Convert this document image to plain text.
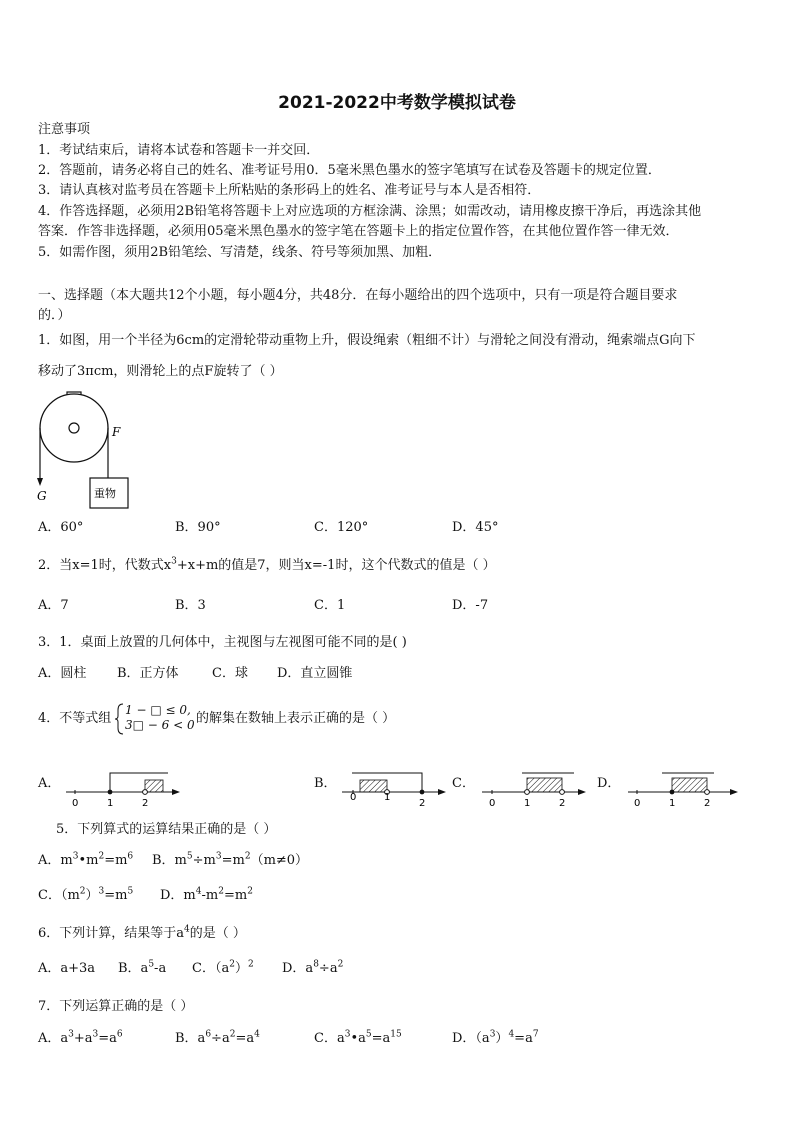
2021-2022中考数学模拟试卷
注意事项
1．考试结束后，请将本试卷和答题卡一并交回．
2．答题前，请务必将自己的姓名、准考证号用0．5毫米黑色墨水的签字笔填写在试卷及答题卡的规定位置．
3．请认真核对监考员在答题卡上所粘贴的条形码上的姓名、准考证号与本人是否相符．
4．作答选择题，必须用2B铅笔将答题卡上对应选项的方框涂满、涂黑；如需改动，请用橡皮擦干净后，再选涂其他
答案．作答非选择题，必须用05毫米黑色墨水的签字笔在答题卡上的指定位置作答，在其他位置作答一律无效．
5．如需作图，须用2B铅笔绘、写清楚，线条、符号等须加黑、加粗．
一、选择题（本大题共12个小题，每小题4分，共48分．在每小题给出的四个选项中，只有一项是符合题目要求
的．）
1．如图，用一个半径为6cm的定滑轮带动重物上升，假设绳索（粗细不计）与滑轮之间没有滑动，绳索端点G向下
移动了3πcm，则滑轮上的点F旋转了（ ）
F
G	重物
A．60°	B．90°	C．120°	D．45°
2．当x=1时，代数式$x^3+x+m$的值是7，则当x=-1时，这个代数式的值是（ ）
A．7	B．3	C．1	D．-7
3．1．桌面上放置的几何体中，主视图与左视图可能不同的是( )
A．圆柱 B．正方体	C．球 D．直立圆锥
4．不等式组
1 − □ ≤ 0,
3□ − 6 < 0 的解集在数轴上表示正确的是（ ）
A．	B．	C．	D．
0	1	2
0	1
2	0	1	2	0	1	2
5．下列算式的运算结果正确的是（ ）
A．$m^3•m^2=m^6$ B．$m^5\div m^3=m^2(m\ne 0)$
C．$(m^2)^3=m^5$ D．$m^4-m^2=m^2$
6．下列计算，结果等于$a^4$的是（ ）
A．a+3a B．$a^5-a$ C．$(a^2)^2$ D．$a^8\div a^2$
7．下列运算正确的是（ ）
A．$a^3+a^3=a^6$	B．$a^6\div a^2=a^4$	C．$a^3•a^5=a^{15}$	D．$(a^3)^4=a^7$
